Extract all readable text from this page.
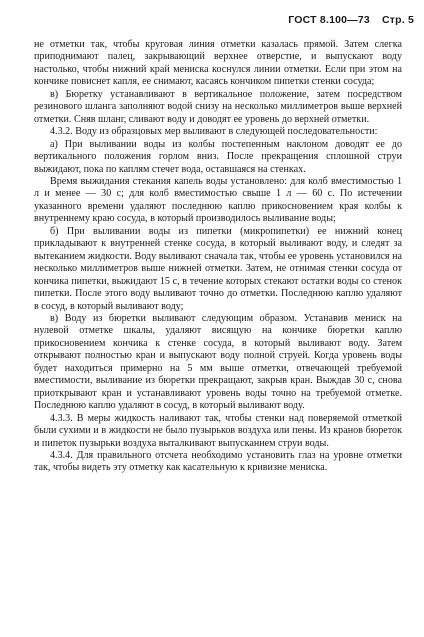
ГОСТ 8.100—73 Стр. 5

не отметки так, чтобы круговая линия отметки казалась прямой. Затем слегка приподнимают палец, закрывающий верхнее отверстие, и выпускают воду настолько, чтобы нижний край мениска коснулся линии отметки. Если при этом на кончике повиснет капля, ее снимают, касаясь кончиком пипетки стенки сосуда;

в) Бюретку устанавливают в вертикальное положение, затем посредством резинового шланга заполняют водой снизу на несколько миллиметров выше верхней отметки. Сняв шланг, сливают воду и доводят ее уровень до верхней отметки.

4.3.2. Воду из образцовых мер выливают в следующей последовательности:

а) При выливании воды из колбы постепенным наклоном доводят ее до вертикального положения горлом вниз. После прекращения сплошной струи выжидают, пока по каплям стечет вода, оставшаяся на стенках.

Время выжидания стекания капель воды установлено: для колб вместимостью 1 л и менее — 30 с; для колб вместимостью свыше 1 л — 60 с. По истечении указанного времени удаляют последнюю каплю прикосновением края колбы к внутреннему краю сосуда, в который производилось выливание воды;

б) При выливании воды из пипетки (микропипетки) ее нижний конец прикладывают к внутренней стенке сосуда, в который выливают воду, и следят за вытеканием жидкости. Воду выливают сначала так, чтобы ее уровень установился на несколько миллиметров выше нижней отметки. Затем, не отнимая стенки сосуда от кончика пипетки, выжидают 15 с, в течение которых стекают остатки воды со стенок пипетки. После этого воду выливают точно до отметки. Последнюю каплю удаляют в сосуд, в который выливают воду;

в) Воду из бюретки выливают следующим образом. Устанавив мениск на нулевой отметке шкалы, удаляют висящую на кончике бюретки каплю прикосновением кончика к стенке сосуда, в который выливают воду. Затем открывают полностью кран и выпускают воду полной струей. Когда уровень воды будет находиться примерно на 5 мм выше отметки, отвечающей требуемой вместимости, выливание из бюретки прекращают, закрыв кран. Выждав 30 с, снова приоткрывают кран и устанавливают уровень воды точно на требуемой отметке. Последнюю каплю удаляют в сосуд, в который выливают воду.

4.3.3. В меры жидкость наливают так, чтобы стенки над поверяемой отметкой были сухими и в жидкости не было пузырьков воздуха или пены. Из кранов бюреток и пипеток пузырьки воздуха выталкивают выпусканием струи воды.

4.3.4. Для правильного отсчета необходимо установить глаз на уровне отметки так, чтобы видеть эту отметку как касательную к кривизне мениска.
